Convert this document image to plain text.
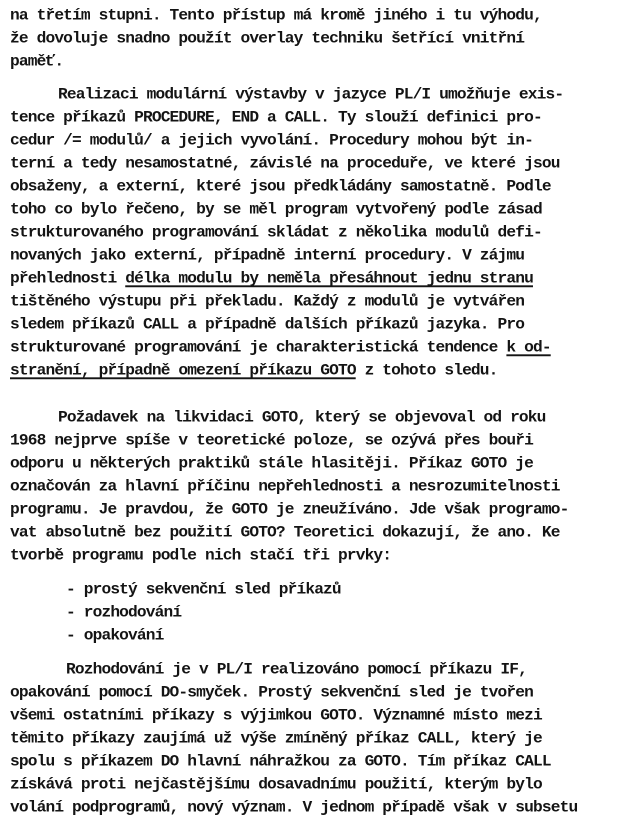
na třetím stupni. Tento přístup má kromě jiného i tu výhodu,
že dovoluje snadno použít overlay techniku šetřící vnitřní
paměť.
Realizaci modulární výstavby v jazyce PL/I umožňuje exis-
tence příkazů PROCEDURE, END a CALL. Ty slouží definici pro-
cedur /= modulů/ a jejich vyvolání. Procedury mohou být in-
terní a tedy nesamostatné, závislé na proceduře, ve které jsou
obsaženy, a externí, které jsou předkládány samostatně. Podle
toho co bylo řečeno, by se měl program vytvořený podle zásad
strukturovaného programování skládat z několika modulů defi-
novaných jako externí, případně interní procedury. V zájmu
přehlednosti délka modulu by neměla přesáhnout jednu stranu
tištěného výstupu při překladu. Každý z modulů je vytvářen
sledem příkazů CALL a případně dalších příkazů jazyka. Pro
strukturované programování je charakteristická tendence k od-
stranění, případně omezení příkazu GOTO z tohoto sledu.
Požadavek na likvidaci GOTO, který se objevoval od roku
1968 nejprve spíše v teoretické poloze, se ozývá přes bouři
odporu u některých praktiků stále hlasitěji. Příkaz GOTO je
označován za hlavní příčinu nepřehlednosti a nesrozumitelnosti
programu. Je pravdou, že GOTO je zneužíváno. Jde však programo-
vat absolutně bez použití GOTO? Teoretici dokazují, že ano. Ke
tvorbě programu podle nich stačí tři prvky:
- prostý sekvenční sled příkazů
- rozhodování
- opakování
Rozhodování je v PL/I realizováno pomocí příkazu IF,
opakování pomocí DO-smyček. Prostý sekvenční sled je tvořen
všemi ostatními příkazy s výjimkou GOTO. Významné místo mezi
těmito příkazy zaujímá už výše zmíněný příkaz CALL, který je
spolu s příkazem DO hlavní náhražkou za GOTO. Tím příkaz CALL
získává proti nejčastějšímu dosavadnímu použití, kterým bylo
volání podprogramů, nový význam. V jednom případě však v subsetu
